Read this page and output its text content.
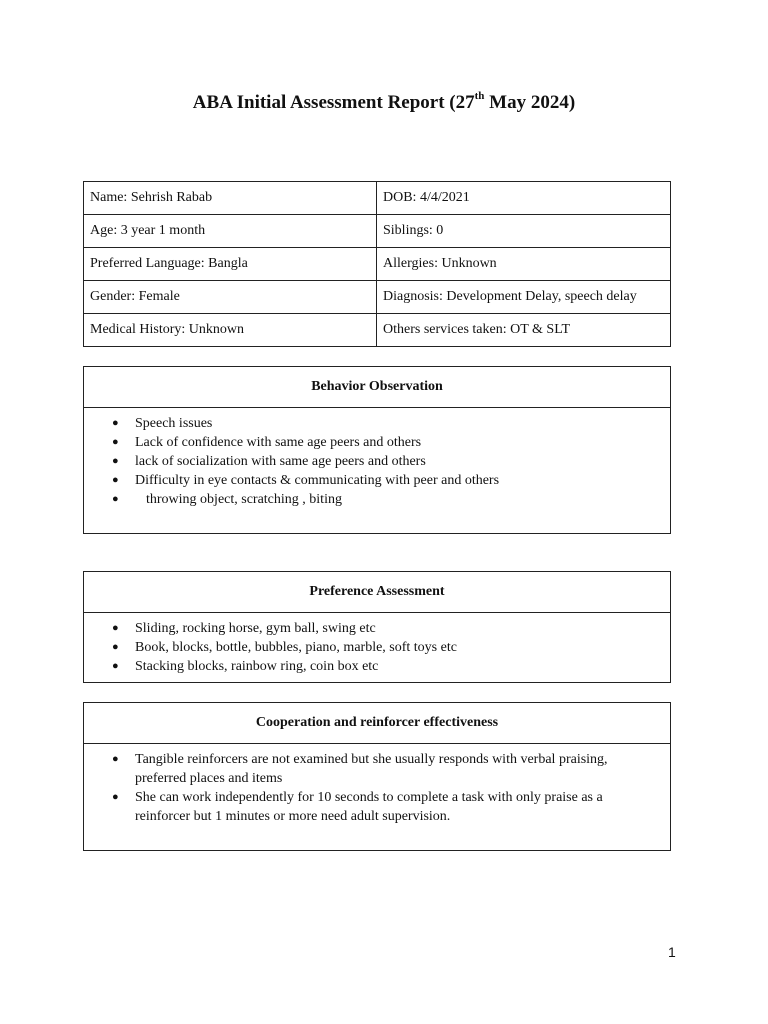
ABA Initial Assessment Report (27th May 2024)
Name: Sehrish Rabab	DOB: 4/4/2021
Age: 3 year 1 month	Siblings: 0
Preferred Language: Bangla	Allergies: Unknown
Gender: Female	Diagnosis: Development Delay, speech delay
Medical History: Unknown	Others services taken: OT & SLT
Behavior Observation
● Speech issues
● Lack of confidence with same age peers and others
● lack of socialization with same age peers and others
● Difficulty in eye contacts & communicating with peer and others
● throwing object, scratching , biting
Preference Assessment
● Sliding, rocking horse, gym ball, swing etc
● Book, blocks, bottle, bubbles, piano, marble, soft toys etc
● Stacking blocks, rainbow ring, coin box etc
Cooperation and reinforcer effectiveness
● Tangible reinforcers are not examined but she usually responds with verbal praising, preferred places and items
● She can work independently for 10 seconds to complete a task with only praise as a reinforcer but 1 minutes or more need adult supervision.
1
